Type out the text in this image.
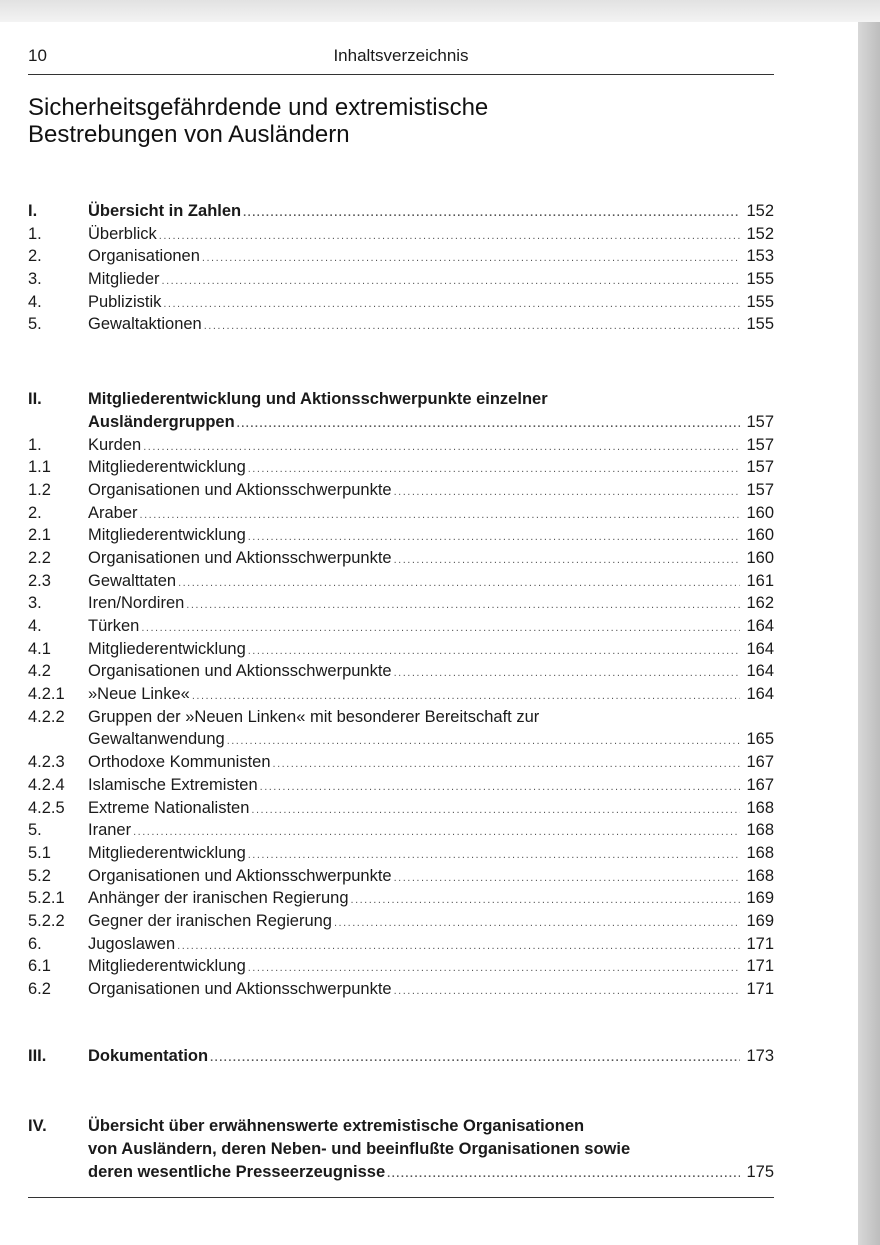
10	Inhaltsverzeichnis
Sicherheitsgefährdende und extremistische
Bestrebungen von Ausländern
I.	Übersicht in Zahlen .....	152
1.	Überblick .....	152
2.	Organisationen .....	153
3.	Mitglieder .....	155
4.	Publizistik .....	155
5.	Gewaltaktionen .....	155
II.	Mitgliederentwicklung und Aktionsschwerpunkte einzelner
Ausländergruppen .....	157
1.	Kurden .....	157
1.1 Mitgliederentwicklung .....	157
1.2 Organisationen und Aktionsschwerpunkte .....	157
2.	Araber .....	160
2.1 Mitgliederentwicklung .....	160
2.2 Organisationen und Aktionsschwerpunkte .....	160
2.3 Gewalttaten .....	161
3.	Iren/Nordiren .....	162
4.	Türken .....	164
4.1 Mitgliederentwicklung .....	164
4.2 Organisationen und Aktionsschwerpunkte .....	164
4.2.1 »Neue Linke« .....	164
4.2.2 Gruppen der »Neuen Linken« mit besonderer Bereitschaft zur
Gewaltanwendung .....	165
4.2.3 Orthodoxe Kommunisten .....	167
4.2.4 Islamische Extremisten .....	167
4.2.5 Extreme Nationalisten .....	168
5.	Iraner .....	168
5.1 Mitgliederentwicklung .....	168
5.2 Organisationen und Aktionsschwerpunkte .....	168
5.2.1 Anhänger der iranischen Regierung .....	169
5.2.2 Gegner der iranischen Regierung .....	169
6.	Jugoslawen .....	171
6.1 Mitgliederentwicklung .....	171
6.2 Organisationen und Aktionsschwerpunkte .....	171
III.	Dokumentation .....	173
IV.	Übersicht über erwähnenswerte extremistische Organisationen
von Ausländern, deren Neben- und beeinflußte Organisationen sowie
deren wesentliche Presseerzeugnisse .....	175
